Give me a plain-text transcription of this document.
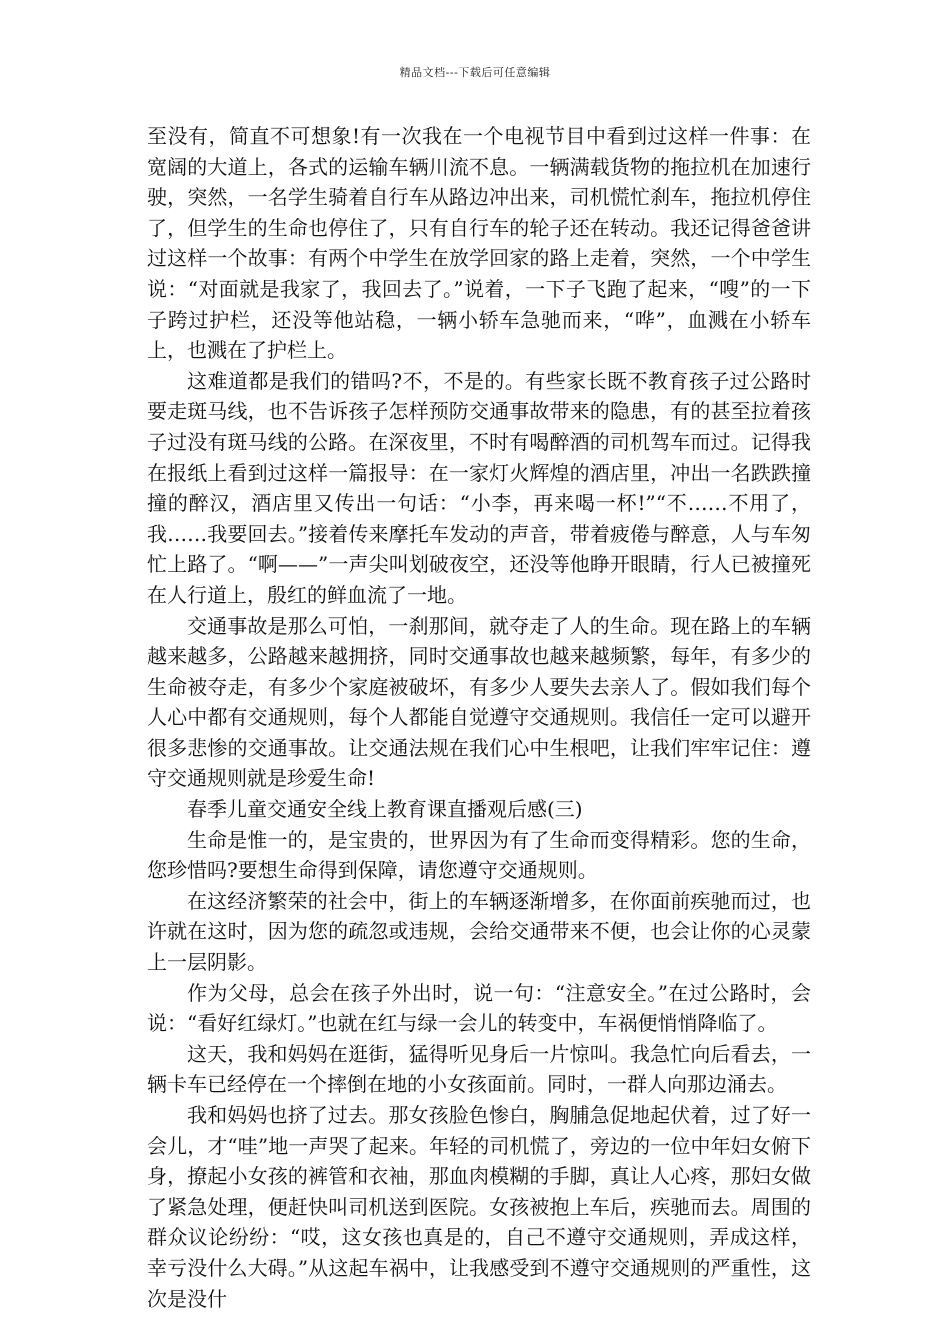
精品文档---下载后可任意编辑

至没有，简直不可想象!有一次我在一个电视节目中看到过这样一件事：在宽阔的大道上，各式的运输车辆川流不息。一辆满载货物的拖拉机在加速行驶，突然，一名学生骑着自行车从路边冲出来，司机慌忙刹车，拖拉机停住了，但学生的生命也停住了，只有自行车的轮子还在转动。我还记得爸爸讲过这样一个故事：有两个中学生在放学回家的路上走着，突然，一个中学生说：“对面就是我家了，我回去了。”说着，一下子飞跑了起来，“嗖”的一下子跨过护栏，还没等他站稳，一辆小轿车急驰而来，“哗”，血溅在小轿车上，也溅在了护栏上。

这难道都是我们的错吗?不，不是的。有些家长既不教育孩子过公路时要走斑马线，也不告诉孩子怎样预防交通事故带来的隐患，有的甚至拉着孩子过没有斑马线的公路。在深夜里，不时有喝醉酒的司机驾车而过。记得我在报纸上看到过这样一篇报导：在一家灯火辉煌的酒店里，冲出一名跌跌撞撞的醉汉，酒店里又传出一句话：“小李，再来喝一杯!”“不……不用了，我……我要回去。”接着传来摩托车发动的声音，带着疲倦与醉意，人与车匆忙上路了。“啊——”一声尖叫划破夜空，还没等他睁开眼睛，行人已被撞死在人行道上，殷红的鲜血流了一地。

交通事故是那么可怕，一刹那间，就夺走了人的生命。现在路上的车辆越来越多，公路越来越拥挤，同时交通事故也越来越频繁，每年，有多少的生命被夺走，有多少个家庭被破坏，有多少人要失去亲人了。假如我们每个人心中都有交通规则，每个人都能自觉遵守交通规则。我信任一定可以避开很多悲惨的交通事故。让交通法规在我们心中生根吧，让我们牢牢记住：遵守交通规则就是珍爱生命!

春季儿童交通安全线上教育课直播观后感(三)

生命是惟一的，是宝贵的，世界因为有了生命而变得精彩。您的生命，您珍惜吗?要想生命得到保障，请您遵守交通规则。

在这经济繁荣的社会中，街上的车辆逐渐增多，在你面前疾驰而过，也许就在这时，因为您的疏忽或违规，会给交通带来不便，也会让你的心灵蒙上一层阴影。

作为父母，总会在孩子外出时，说一句：“注意安全。”在过公路时，会说：“看好红绿灯。”也就在红与绿一会儿的转变中，车祸便悄悄降临了。

这天，我和妈妈在逛街，猛得听见身后一片惊叫。我急忙向后看去，一辆卡车已经停在一个摔倒在地的小女孩面前。同时，一群人向那边涌去。

我和妈妈也挤了过去。那女孩脸色惨白，胸脯急促地起伏着，过了好一会儿，才“哇”地一声哭了起来。年轻的司机慌了，旁边的一位中年妇女俯下身，撩起小女孩的裤管和衣袖，那血肉模糊的手脚，真让人心疼，那妇女做了紧急处理，便赶快叫司机送到医院。女孩被抱上车后，疾驰而去。周围的群众议论纷纷：“哎，这女孩也真是的，自己不遵守交通规则，弄成这样，幸亏没什么大碍。”从这起车祸中，让我感受到不遵守交通规则的严重性，这次是没什
